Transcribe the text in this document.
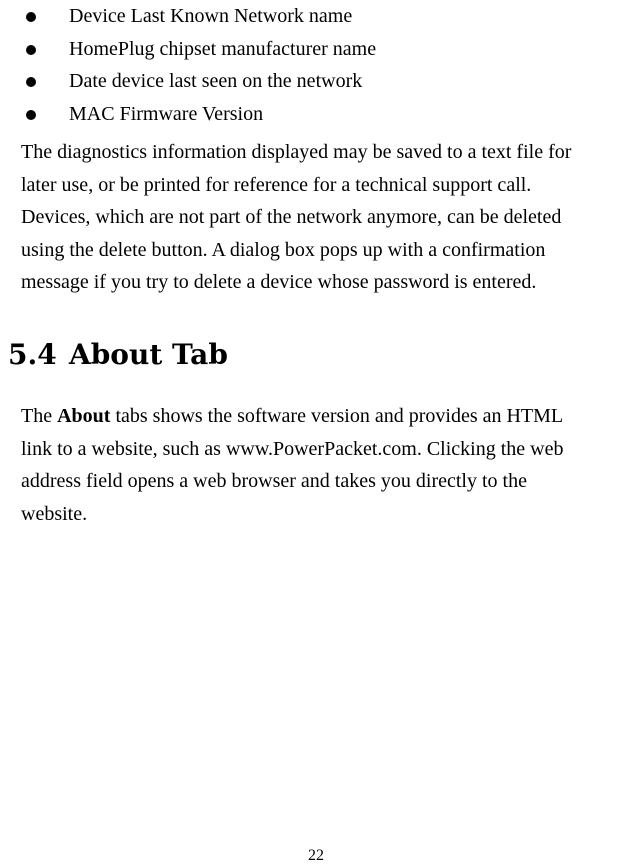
Device Last Known Network name
HomePlug chipset manufacturer name
Date device last seen on the network
MAC Firmware Version
The diagnostics information displayed may be saved to a text file for
later use, or be printed for reference for a technical support call.
Devices, which are not part of the network anymore, can be deleted
using the delete button. A dialog box pops up with a confirmation
message if you try to delete a device whose password is entered.
5.4 About Tab
The About tabs shows the software version and provides an HTML
link to a website, such as www.PowerPacket.com. Clicking the web
address field opens a web browser and takes you directly to the
website.
22
